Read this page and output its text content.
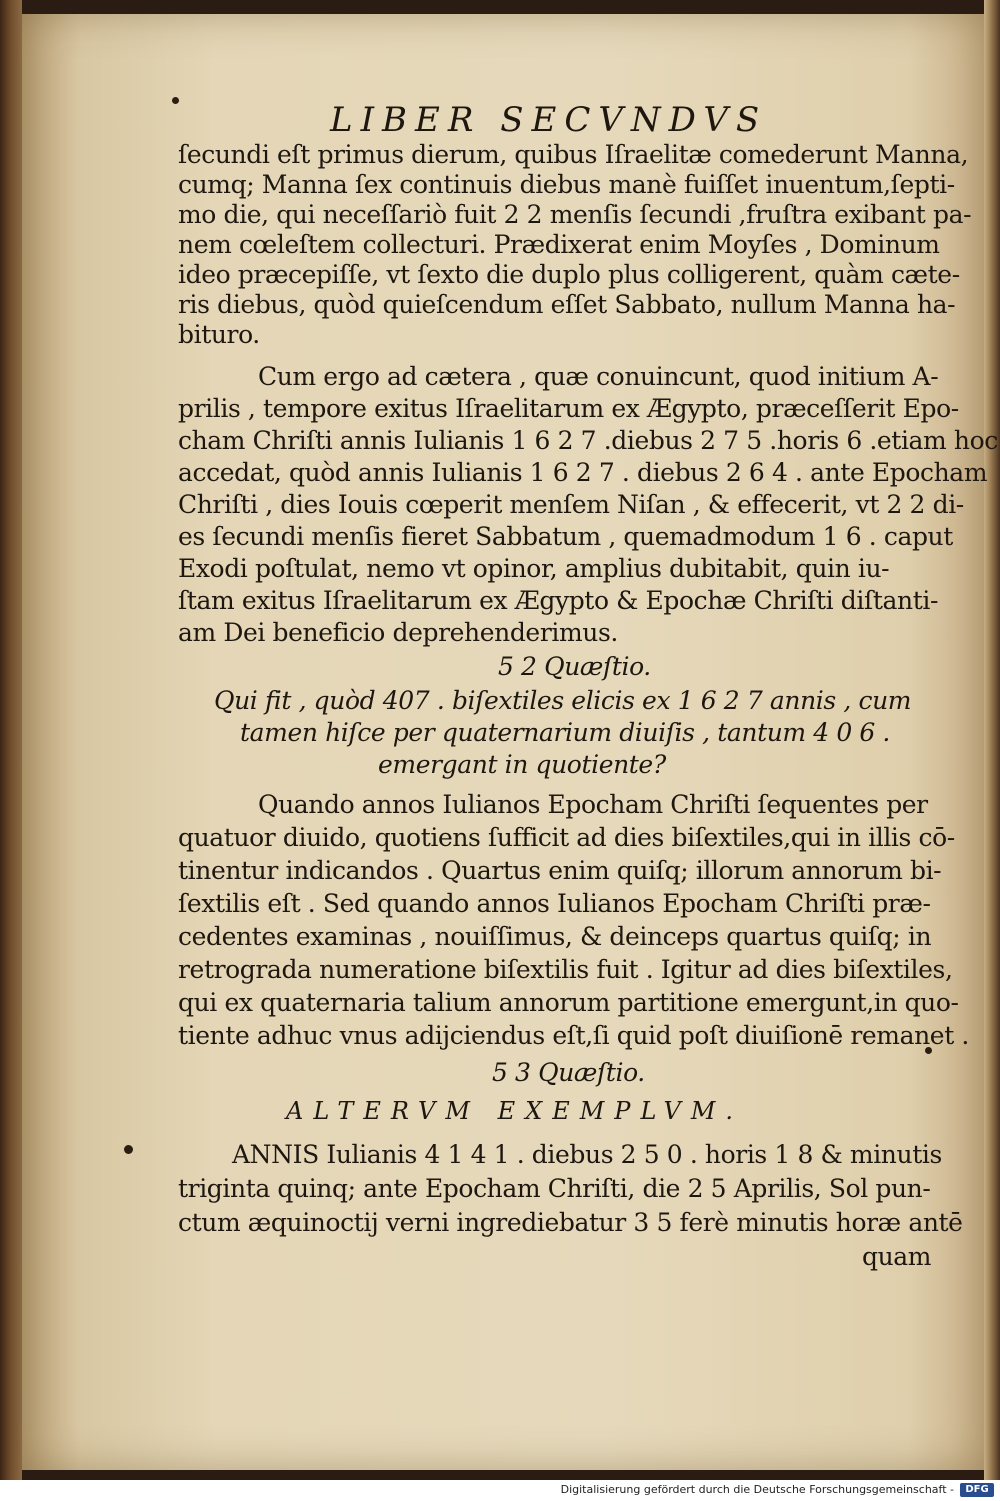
LIBER SECVNDVS
ſecundi eſt primus dierum, quibus Iſraelitæ comederunt Manna,
cumq; Manna ſex continuis diebus manè fuiſſet inuentum,ſepti-
mo die, qui neceſſariò fuit 2 2 menſis ſecundi ,fruſtra exibant pa-
nem cœleſtem collecturi. Prædixerat enim Moyſes , Dominum
ideo præcepiſſe, vt ſexto die duplo plus colligerent, quàm cæte-
ris diebus, quòd quieſcendum eſſet Sabbato, nullum Manna ha-
bituro.
Cum ergo ad cætera , quæ conuincunt, quod initium A-
prilis , tempore exitus Iſraelitarum ex Ægypto, præceſſerit Epo-
cham Chriſti annis Iulianis 1 6 2 7 .diebus 2 7 5 .horis 6 .etiam hoc
accedat, quòd annis Iulianis 1 6 2 7 . diebus 2 6 4 . ante Epocham
Chriſti , dies Iouis cœperit menſem Niſan , & effecerit, vt 2 2 di-
es ſecundi menſis fieret Sabbatum , quemadmodum 1 6 . caput
Exodi poſtulat, nemo vt opinor, amplius dubitabit, quin iu-
ſtam exitus Iſraelitarum ex Ægypto & Epochæ Chriſti diſtanti-
am Dei beneficio deprehenderimus.
5 2 Quæſtio.
Qui fit , quòd 407 . biſextiles elicis ex 1 6 2 7 annis , cum
tamen hiſce per quaternarium diuiſis , tantum 4 0 6 .
emergant in quotiente?
Quando annos Iulianos Epocham Chriſti ſequentes per
quatuor diuido, quotiens ſufficit ad dies biſextiles,qui in illis cō-
tinentur indicandos . Quartus enim quiſq; illorum annorum bi-
ſextilis eſt . Sed quando annos Iulianos Epocham Chriſti præ-
cedentes examinas , nouiſſimus, & deinceps quartus quiſq; in
retrograda numeratione biſextilis fuit . Igitur ad dies biſextiles,
qui ex quaternaria talium annorum partitione emergunt,in quo-
tiente adhuc vnus adijciendus eſt,ſi quid poſt diuiſionē remanet .
5 3 Quæſtio.
ALTERVM EXEMPLVM.
ANNIS Iulianis 4 1 4 1 . diebus 2 5 0 . horis 1 8 & minutis
triginta quinq; ante Epocham Chriſti, die 2 5 Aprilis, Sol pun-
ctum æquinoctij verni ingrediebatur 3 5 ferè minutis horæ antē
quam
Digitalisierung gefördert durch die Deutsche Forschungsgemeinschaft -	DFG
